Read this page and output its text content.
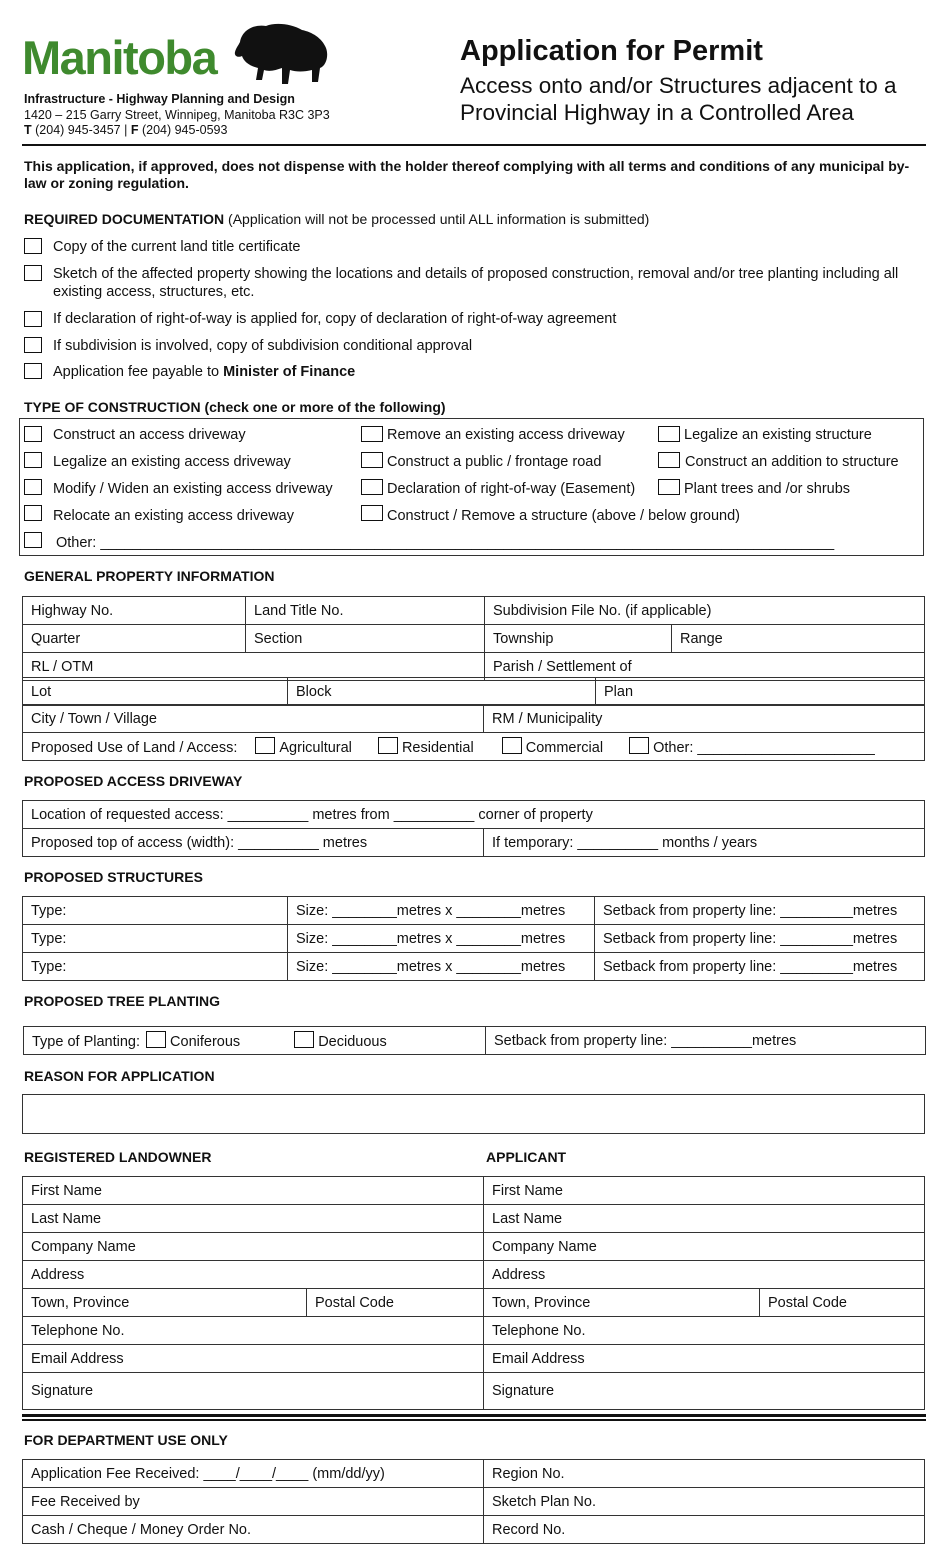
Manitoba
Infrastructure - Highway Planning and Design
1420 – 215 Garry Street, Winnipeg, Manitoba R3C 3P3
T (204) 945-3457 | F (204) 945-0593
Application for Permit
Access onto and/or Structures adjacent to a Provincial Highway in a Controlled Area
This application, if approved, does not dispense with the holder thereof complying with all terms and conditions of any municipal by-law or zoning regulation.
REQUIRED DOCUMENTATION (Application will not be processed until ALL information is submitted)
Copy of the current land title certificate
Sketch of the affected property showing the locations and details of proposed construction, removal and/or tree planting including all existing access, structures, etc.
If declaration of right-of-way is applied for, copy of declaration of right-of-way agreement
If subdivision is involved, copy of subdivision conditional approval
Application fee payable to Minister of Finance
TYPE OF CONSTRUCTION (check one or more of the following)
Construct an access driveway
Legalize an existing access driveway
Modify / Widen an existing access driveway
Relocate an existing access driveway
Remove an existing access driveway
Construct a public / frontage road
Declaration of right-of-way (Easement)
Construct / Remove a structure (above / below ground)
Legalize an existing structure
Construct an addition to structure
Plant trees and /or shrubs
Other: ___________________________________________________________________________________________
GENERAL PROPERTY INFORMATION
Highway No.	Land Title No.	Subdivision File No. (if applicable)	
Quarter	Section	Township	Range
RL / OTM		Parish / Settlement of	
Lot	Block	Plan
City / Town / Village	RM / Municipality
Proposed Use of Land / Access:	Agricultural	Residential	Commercial	Other: ______________________
PROPOSED ACCESS DRIVEWAY
Location of requested access: __________ metres from __________ corner of property
Proposed top of access (width): __________ metres	If temporary: __________ months / years
PROPOSED STRUCTURES
Type:	Size: ________metres x ________metres	Setback from property line: _________metres
Type:	Size: ________metres x ________metres	Setback from property line: _________metres
Type:	Size: ________metres x ________metres	Setback from property line: _________metres
PROPOSED TREE PLANTING
Type of Planting: Coniferous	Deciduous	Setback from property line: __________metres
REASON FOR APPLICATION
REGISTERED LANDOWNER	APPLICANT
First Name		First Name	
Last Name		Last Name	
Company Name		Company Name	
Address		Address	
Town, Province	Postal Code	Town, Province	Postal Code
Telephone No.		Telephone No.	
Email Address		Email Address	
Signature		Signature	
FOR DEPARTMENT USE ONLY
Application Fee Received: ____/____/____ (mm/dd/yy)	Region No.
Fee Received by	Sketch Plan No.
Cash / Cheque / Money Order No.	Record No.
